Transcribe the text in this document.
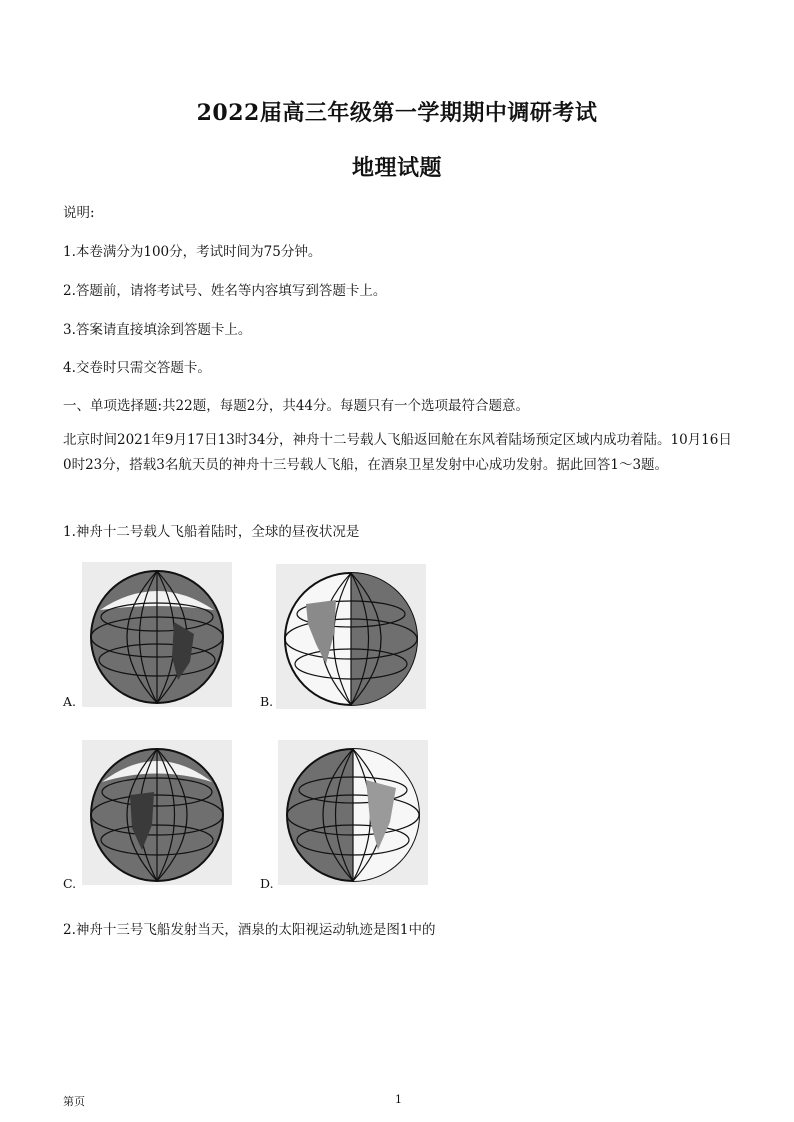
2022届高三年级第一学期期中调研考试
地理试题
说明:
1.本卷满分为100分，考试时间为75分钟。
2.答题前，请将考试号、姓名等内容填写到答题卡上。
3.答案请直接填涂到答题卡上。
4.交卷时只需交答题卡。
一、单项选择题:共22题，每题2分，共44分。每题只有一个选项最符合题意。
北京时间2021年9月17日13时34分，神舟十二号载人飞船返回舱在东风着陆场预定区域内成功着陆。10月16日0时23分，搭载3名航天员的神舟十三号载人飞船，在酒泉卫星发射中心成功发射。据此回答1～3题。
1.神舟十二号载人飞船着陆时，全球的昼夜状况是
A.	B.
C.	D.
2.神舟十三号飞船发射当天，酒泉的太阳视运动轨迹是图1中的
第页	1
